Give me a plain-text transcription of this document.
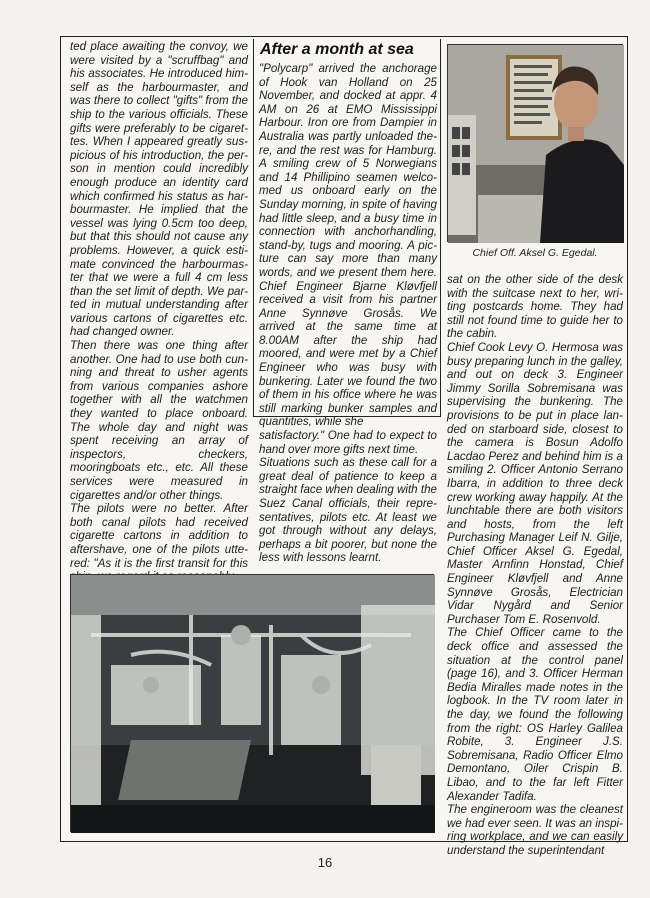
ted place awaiting the convoy, we were visited by a "scruffbag" and his associates. He introduced him-self as the harbourmaster, and was there to collect "gifts" from the ship to the various officials. These gifts were preferably to be cigaret-tes. When I appeared greatly sus-picious of his introduction, the per-son in mention could incredibly enough produce an identity card which confirmed his status as har-bourmaster. He implied that the vessel was lying 0.5cm too deep, but that this should not cause any problems. However, a quick esti-mate convinced the harbourmas-ter that we were a full 4 cm less than the set limit of depth. We par-ted in mutual understanding after various cartons of cigarettes etc. had changed owner.

Then there was one thing after another. One had to use both cun-ning and threat to usher agents from various companies ashore together with all the watchmen they wanted to place onboard. The whole day and night was spent receiving an array of inspectors, checkers, mooringboats etc., etc. All these services were measured in cigarettes and/or other things.

The pilots were no better. After both canal pilots had received cigarette cartons in addition to aftershave, one of the pilots utte-red: "As it is the first transit for this

After a month at sea

"Polycarp" arrived the anchorage of Hook van Holland on 25 November, and docked at appr. 4 AM on 26 at EMO Mississippi Harbour. Iron ore from Dampier in Australia was partly unloaded the-re, and the rest was for Hamburg. A smiling crew of 5 Norwegians and 14 Phillipino seamen welco-med us onboard early on the Sunday morning, in spite of having had little sleep, and a busy time in connection with anchorhandling, stand-by, tugs and mooring. A pic-ture can say more than many words, and we present them here. Chief Engineer Bjarne Kløvfjell received a visit from his partner Anne Synnøve Grosås. We arrived at the same time at 8.00AM after the ship had moored, and were met by a Chief Engineer who was busy with bunkering. Later we found the two of them in his office where he was still marking bunker samples and quantities, while she

satisfactory." One had to expect to hand over more gifts next time.

Situations such as these call for a great deal of patience to keep a straight face when dealing with the Suez Canal officials, their repre-sentatives, pilots etc. At least we got through without any delays, perhaps a bit poorer, but none the less with lessons learnt.

Chief Off. Aksel G. Egedal.

sat on the other side of the desk with the suitcase next to her, wri-ting postcards home. They had still not found time to guide her to the cabin.

Chief Cook Levy O. Hermosa was busy preparing lunch in the galley, and out on deck 3. Engineer Jimmy Sorilla Sobremisana was supervising the bunkering. The provisions to be put in place lan-ded on starboard side, closest to the camera is Bosun Adolfo Lacdao Perez and behind him is a smiling 2. Officer Antonio Serrano Ibarra, in addition to three deck crew working away happily. At the lunchtable there are both visitors and hosts, from the left Purchasing Manager Leif N. Gilje, Chief Officer Aksel G. Egedal, Master Arnfinn Honstad, Chief Engineer Kløvfjell and Anne Synnøve Grosås, Electrician Vidar Nygård and Senior Purchaser Tom E. Rosenvold.

The Chief Officer came to the deck office and assessed the situation at the control panel (page 16), and 3. Officer Herman Bedia Miralles made notes in the logbook. In the TV room later in the day, we found the following from the right: OS Harley Galilea Robite, 3. Engineer J.S. Sobremisana, Radio Officer Elmo Demontano, Oiler Crispin B. Libao, and to the far left Fitter Alexander Tadifa.

The engineroom was the cleanest we had ever seen. It was an inspi-ring workplace, and we can easily understand the superintendant

16
